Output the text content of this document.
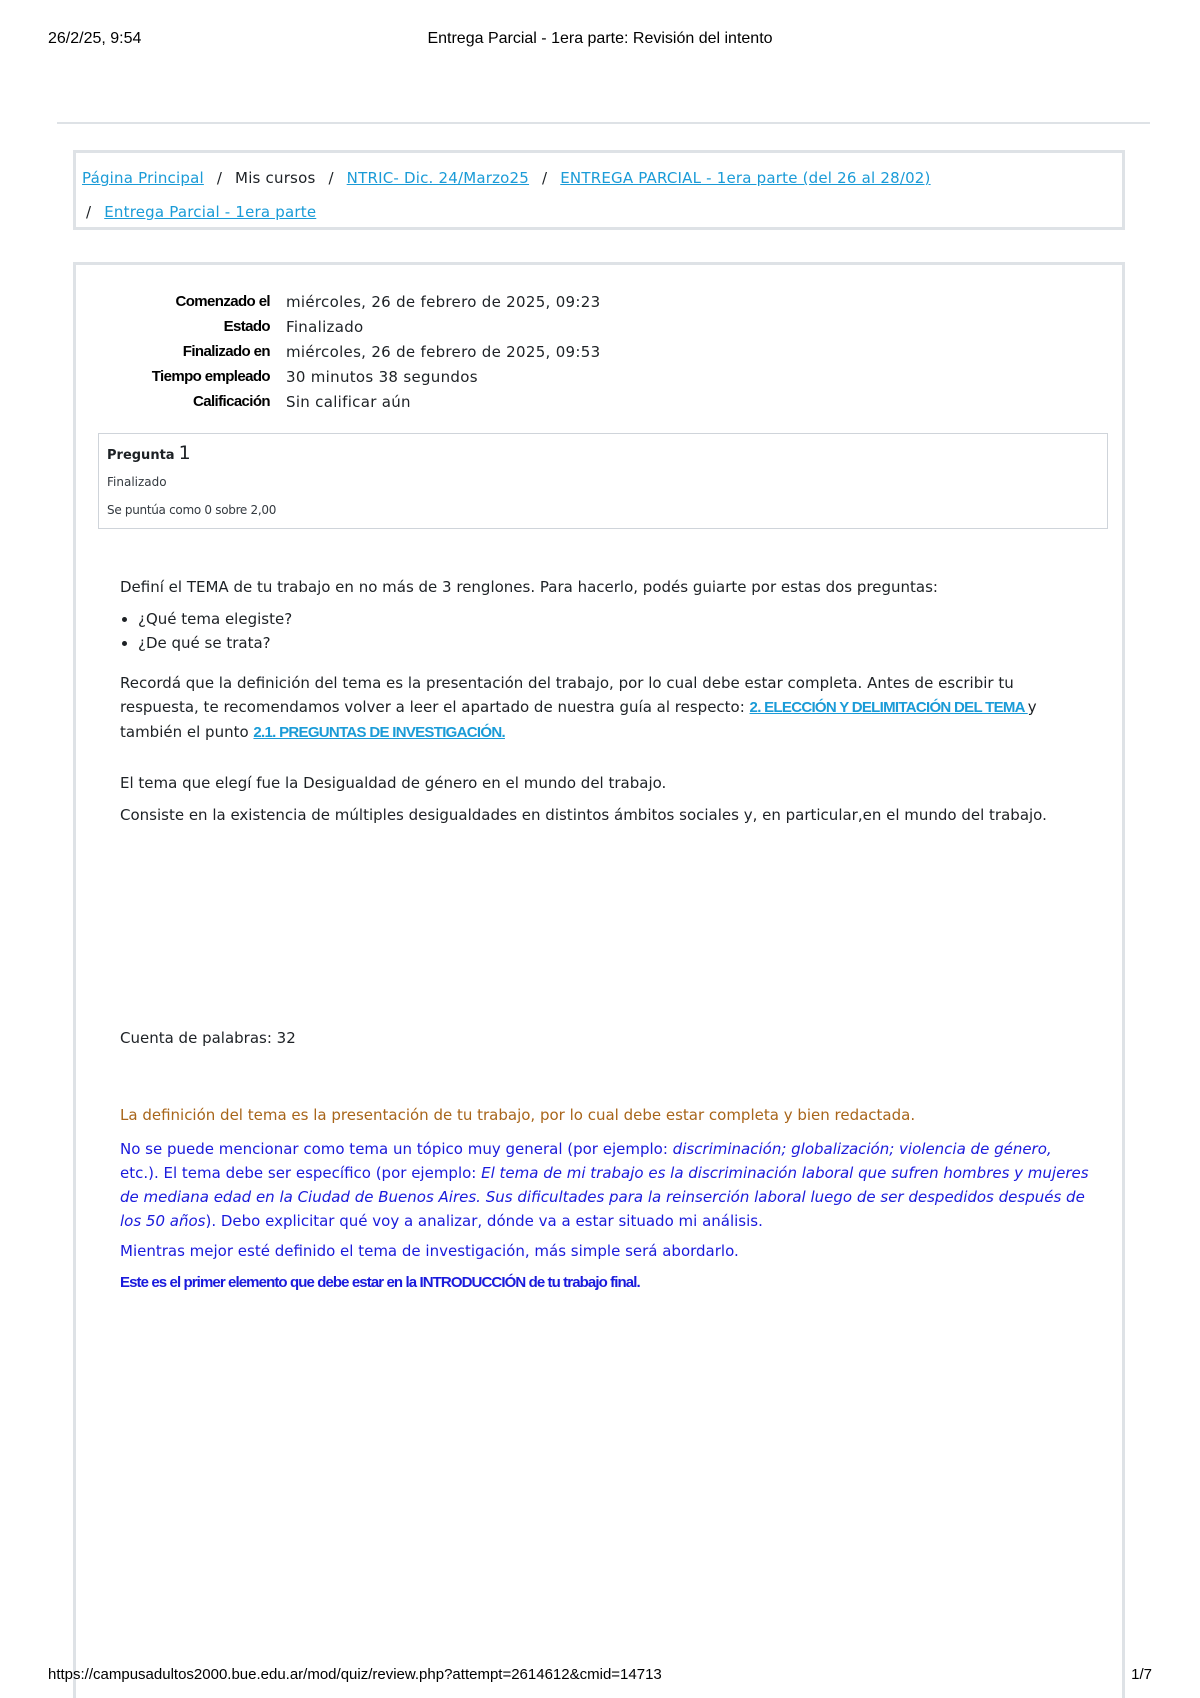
26/2/25, 9:54	Entrega Parcial - 1era parte: Revisión del intento
Página Principal / Mis cursos / NTRIC- Dic. 24/Marzo25 / ENTREGA PARCIAL - 1era parte (del 26 al 28/02)
/ Entrega Parcial - 1era parte
Comenzado el miércoles, 26 de febrero de 2025, 09:23
Estado Finalizado
Finalizado en miércoles, 26 de febrero de 2025, 09:53
Tiempo empleado 30 minutos 38 segundos
Calificación Sin calificar aún
Pregunta 1
Finalizado
Se puntúa como 0 sobre 2,00

Definí el TEMA de tu trabajo en no más de 3 renglones. Para hacerlo, podés guiarte por estas dos preguntas:

• ¿Qué tema elegiste?
• ¿De qué se trata?

Recordá que la definición del tema es la presentación del trabajo, por lo cual debe estar completa. Antes de escribir tu respuesta, te recomendamos volver a leer el apartado de nuestra guía al respecto: 2. ELECCIÓN Y DELIMITACIÓN DEL TEMA y también el punto 2.1. PREGUNTAS DE INVESTIGACIÓN.

El tema que elegí fue la Desigualdad de género en el mundo del trabajo.

Consiste en la existencia de múltiples desigualdades en distintos ámbitos sociales y, en particular,en el mundo del trabajo.

Cuenta de palabras: 32

La definición del tema es la presentación de tu trabajo, por lo cual debe estar completa y bien redactada.

No se puede mencionar como tema un tópico muy general (por ejemplo: discriminación; globalización; violencia de género, etc.). El tema debe ser específico (por ejemplo: El tema de mi trabajo es la discriminación laboral que sufren hombres y mujeres de mediana edad en la Ciudad de Buenos Aires. Sus dificultades para la reinserción laboral luego de ser despedidos después de los 50 años). Debo explicitar qué voy a analizar, dónde va a estar situado mi análisis.

Mientras mejor esté definido el tema de investigación, más simple será abordarlo.

Este es el primer elemento que debe estar en la INTRODUCCIÓN de tu trabajo final.

https://campusadultos2000.bue.edu.ar/mod/quiz/review.php?attempt=2614612&cmid=14713	1/7
